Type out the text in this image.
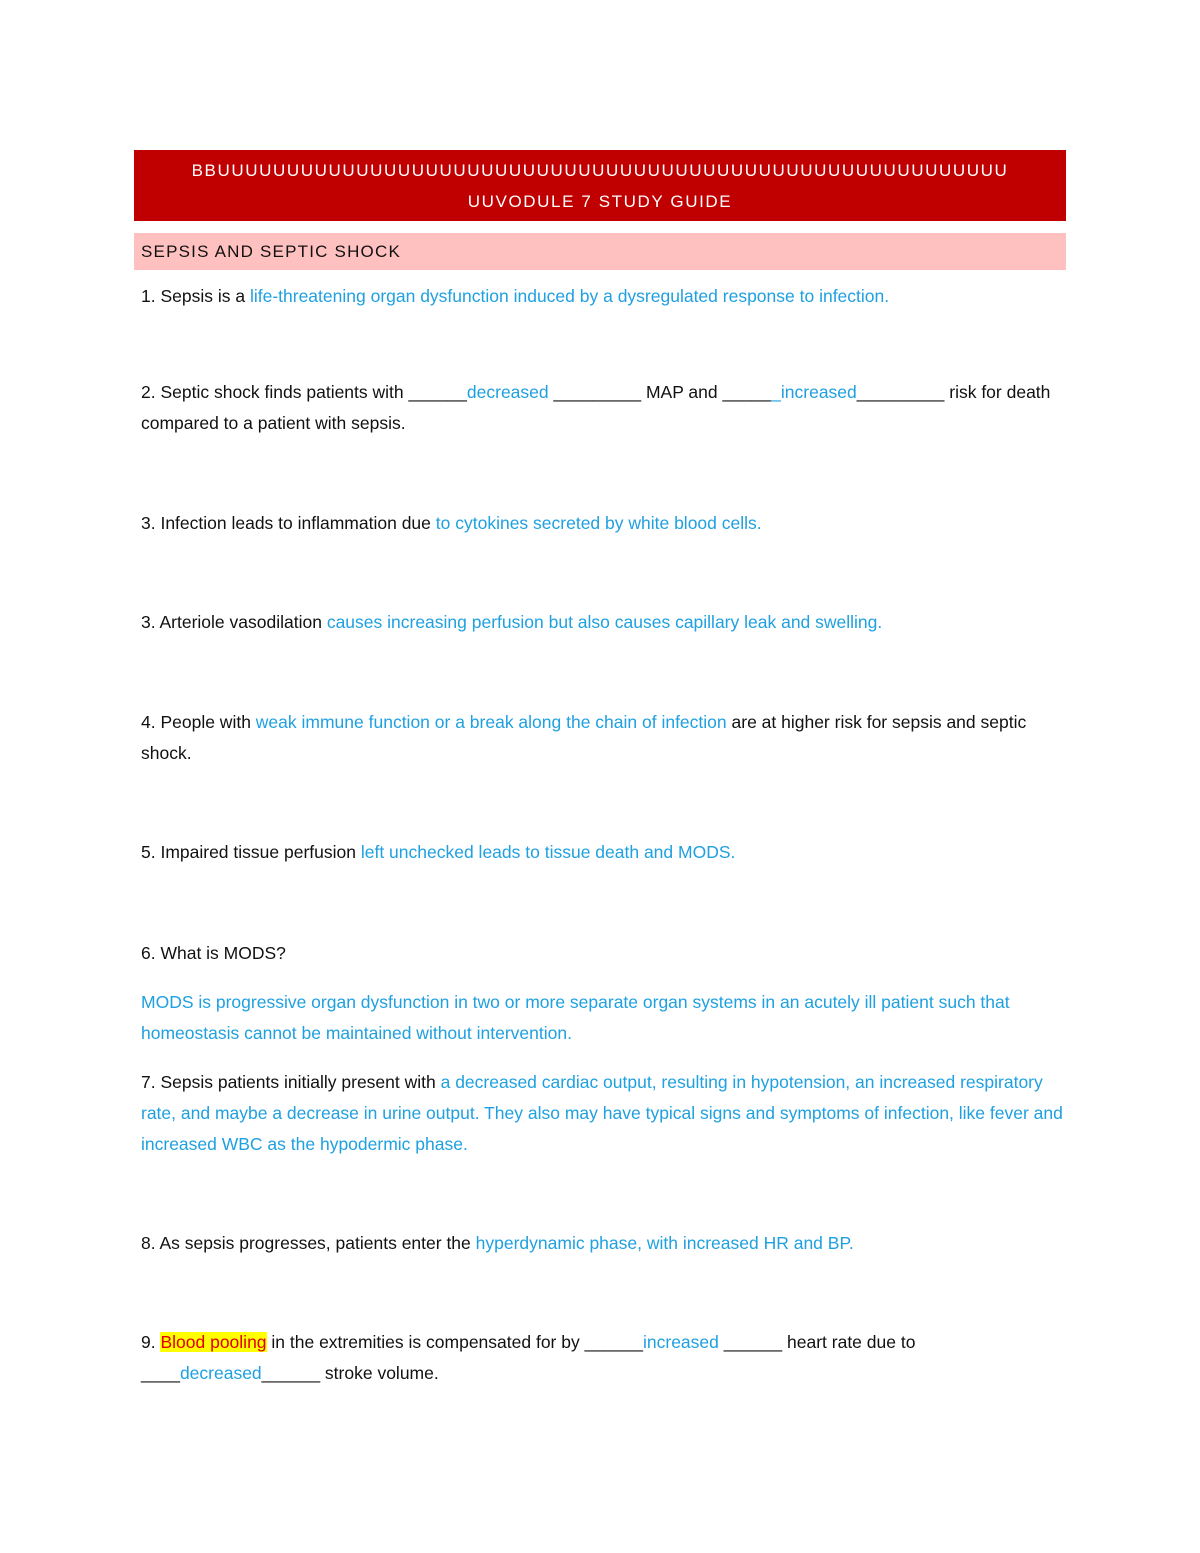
BBUUUUUUUUUUUUUUUUUUUUUUUUUUUUUUUUUUUUUUUUUUUUUUUUUUUUUUUUU
UUVODULE 7 STUDY GUIDE
SEPSIS AND SEPTIC SHOCK
1. Sepsis is a life-threatening organ dysfunction induced by a dysregulated response to infection.
2. Septic shock finds patients with ______decreased _________ MAP and ______increased_________ risk for death compared to a patient with sepsis.
3. Infection leads to inflammation due to cytokines secreted by white blood cells.
3. Arteriole vasodilation causes increasing perfusion but also causes capillary leak and swelling.
4. People with weak immune function or a break along the chain of infection are at higher risk for sepsis and septic shock.
5. Impaired tissue perfusion left unchecked leads to tissue death and MODS.
6. What is MODS?
MODS is progressive organ dysfunction in two or more separate organ systems in an acutely ill patient such that homeostasis cannot be maintained without intervention.
7. Sepsis patients initially present with a decreased cardiac output, resulting in hypotension, an increased respiratory rate, and maybe a decrease in urine output. They also may have typical signs and symptoms of infection, like fever and increased WBC as the hypodermic phase.
8. As sepsis progresses, patients enter the hyperdynamic phase, with increased HR and BP.
9. Blood pooling in the extremities is compensated for by ______increased ______ heart rate due to ____decreased______ stroke volume.
